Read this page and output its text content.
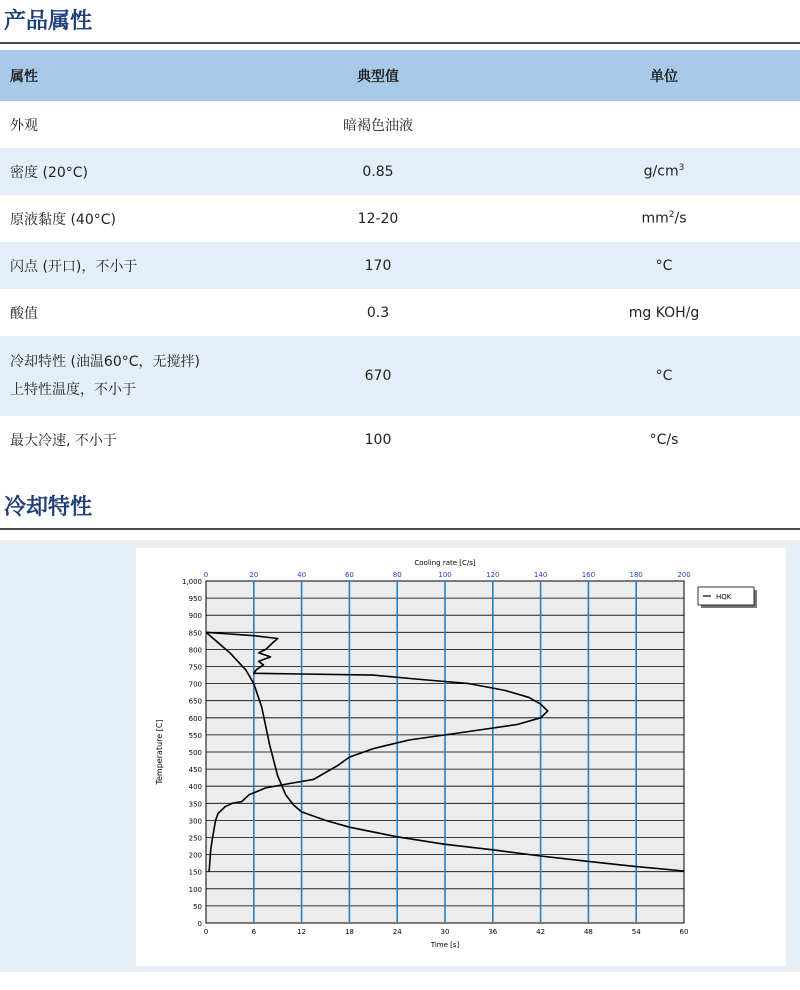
产品属性
属性	典型值	单位
外观	暗褐色油液	
密度 (20°C)	0.85	$g/cm^3$
原液黏度 (40°C)	12-20	$mm^2/s$
闪点 (开口)，不小于	170	°C
酸值	0.3	mg KOH/g

冷却特性 (油温60°C，无搅拌)
上特性温度，不小于	670	°C
最大冷速, 不小于	100	°C/s
冷却特性
0
50
100
150
200
250
300
350
400
450
500
550
600
650
700
750
800
850
900
950
1,000
0	6	12	18	24	30	36	42	48	54	60
0	20	40	60	80	100	120	140	160	180	200
Time [s]
Cooling rate [C/s]
Temperature [C]
HQK
